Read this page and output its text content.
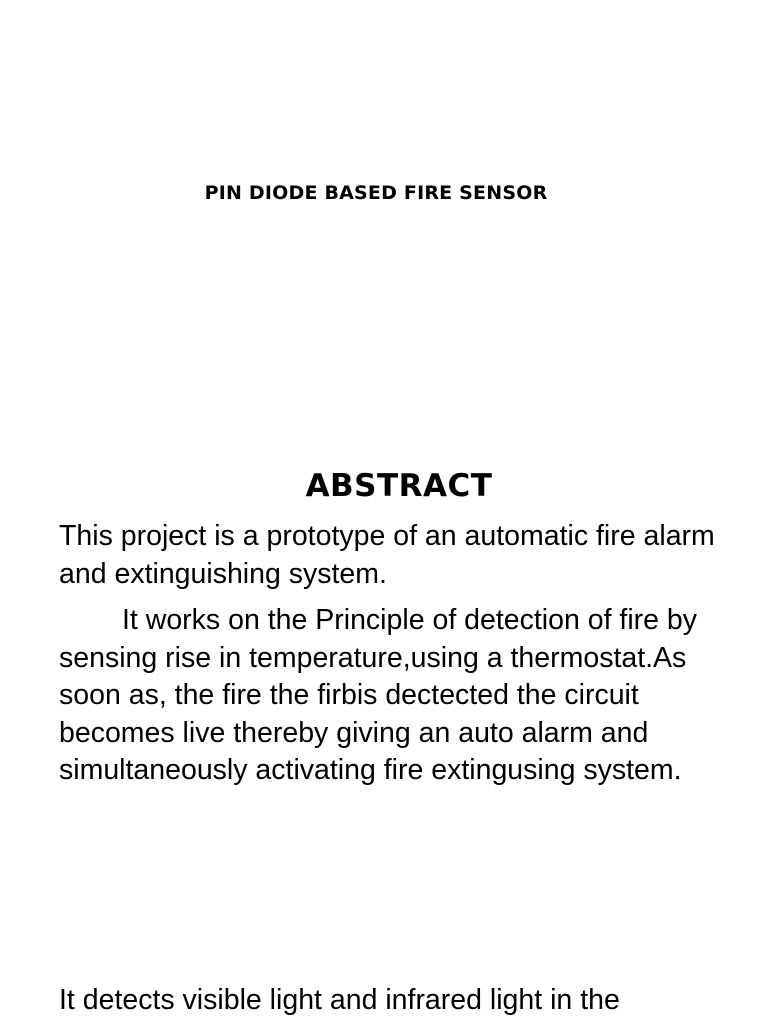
PIN DIODE BASED FIRE SENSOR
ABSTRACT

This project is a prototype of an automatic fire alarm and extinguishing system.

It works on the Principle of detection of fire by sensing rise in temperature,using a thermostat.As soon as, the fire the firbis dectected the circuit becomes live thereby giving an auto alarm and simultaneously activating fire extingusing system.

It detects visible light and infrared light in the
